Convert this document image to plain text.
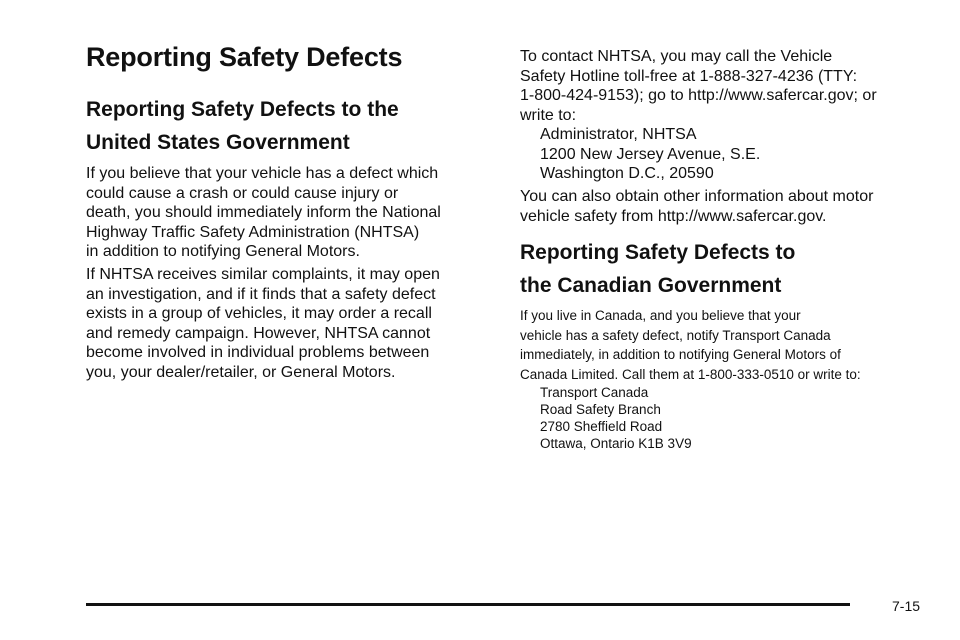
Reporting Safety Defects
Reporting Safety Defects to the
United States Government

If you believe that your vehicle has a defect which
could cause a crash or could cause injury or
death, you should immediately inform the National
Highway Traffic Safety Administration (NHTSA)
in addition to notifying General Motors.

If NHTSA receives similar complaints, it may open
an investigation, and if it finds that a safety defect
exists in a group of vehicles, it may order a recall
and remedy campaign. However, NHTSA cannot
become involved in individual problems between
you, your dealer/retailer, or General Motors.

To contact NHTSA, you may call the Vehicle
Safety Hotline toll-free at 1-888-327-4236 (TTY:
1-800-424-9153); go to http://www.safercar.gov; or
write to:

Administrator, NHTSA
1200 New Jersey Avenue, S.E.
Washington D.C., 20590

You can also obtain other information about motor
vehicle safety from http://www.safercar.gov.

Reporting Safety Defects to
the Canadian Government

If you live in Canada, and you believe that your
vehicle has a safety defect, notify Transport Canada
immediately, in addition to notifying General Motors of
Canada Limited. Call them at 1-800-333-0510 or write to:

Transport Canada
Road Safety Branch
2780 Sheffield Road
Ottawa, Ontario K1B 3V9

7-15
